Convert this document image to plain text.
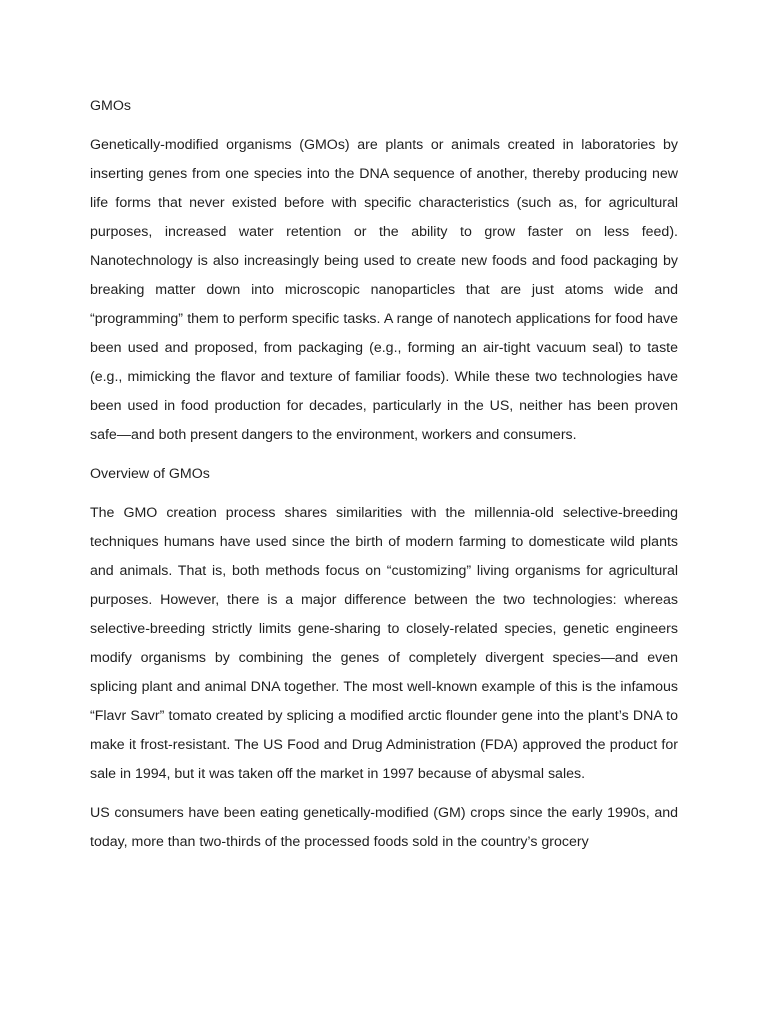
GMOs

Genetically-modified organisms (GMOs) are plants or animals created in laboratories by inserting genes from one species into the DNA sequence of another, thereby producing new life forms that never existed before with specific characteristics (such as, for agricultural purposes, increased water retention or the ability to grow faster on less feed). Nanotechnology is also increasingly being used to create new foods and food packaging by breaking matter down into microscopic nanoparticles that are just atoms wide and “programming” them to perform specific tasks. A range of nanotech applications for food have been used and proposed, from packaging (e.g., forming an air-tight vacuum seal) to taste (e.g., mimicking the flavor and texture of familiar foods). While these two technologies have been used in food production for decades, particularly in the US, neither has been proven safe—and both present dangers to the environment, workers and consumers.

Overview of GMOs

The GMO creation process shares similarities with the millennia-old selective-breeding techniques humans have used since the birth of modern farming to domesticate wild plants and animals. That is, both methods focus on “customizing” living organisms for agricultural purposes. However, there is a major difference between the two technologies: whereas selective-breeding strictly limits gene-sharing to closely-related species, genetic engineers modify organisms by combining the genes of completely divergent species—and even splicing plant and animal DNA together. The most well-known example of this is the infamous “Flavr Savr” tomato created by splicing a modified arctic flounder gene into the plant’s DNA to make it frost-resistant. The US Food and Drug Administration (FDA) approved the product for sale in 1994, but it was taken off the market in 1997 because of abysmal sales.

US consumers have been eating genetically-modified (GM) crops since the early 1990s, and today, more than two-thirds of the processed foods sold in the country’s grocery
